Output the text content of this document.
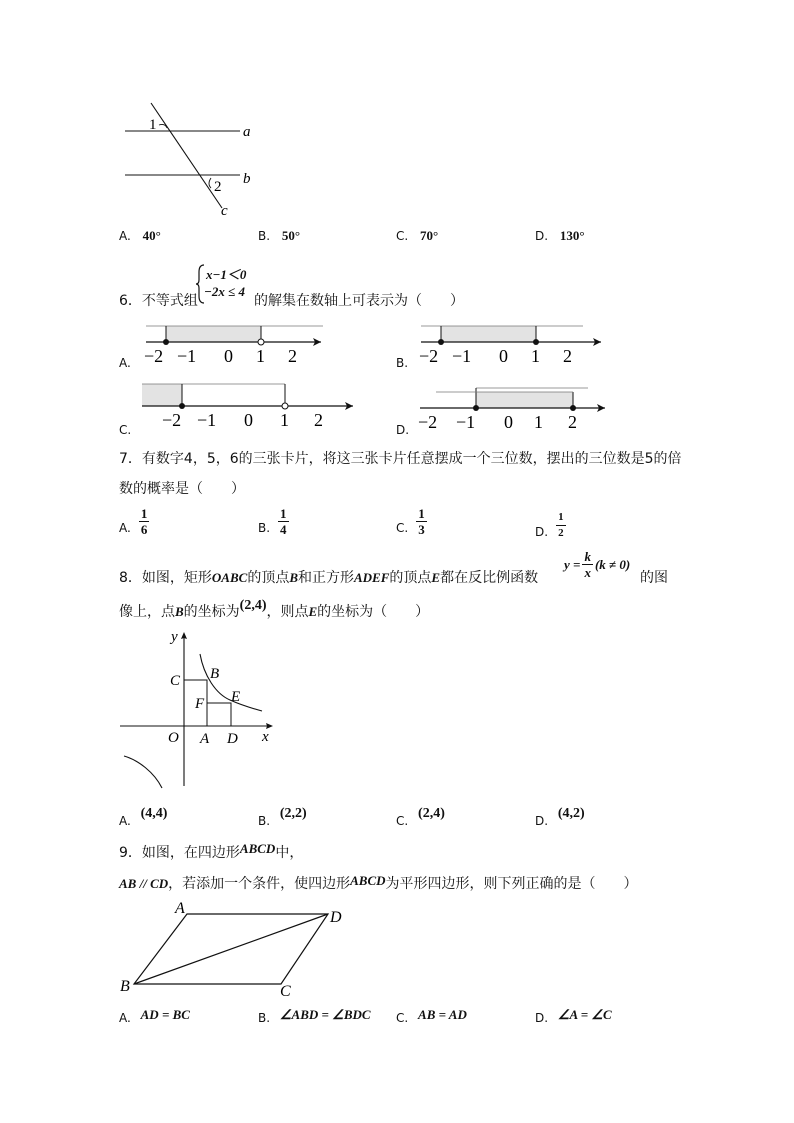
1
2
a
b
c
A. 40°	B. 50°	C. 70°	D. 130°
6．不等式组
x−1＜0
−2x ≤ 4
的解集在数轴上可表示为（　　）
A. −2 −1 0 1 2	B. −2 −1 0 1 2
C. −2 −1 0 1 2	D. −2 −1 0 1 2
7．有数字4，5，6的三张卡片，将这三张卡片任意摆成一个三位数，摆出的三位数是5的倍
数的概率是（　　）
A. $\frac{1}{6}$	B. $\frac{1}{4}$	C. $\frac{1}{3}$	D. $\frac{1}{2}$
8．如图，矩形OABC的顶点B和正方形ADEF的顶点E都在反比例函数
$y = \frac{k}{x} (k \ne 0)$
的图
像上，点B的坐标为(2,4)，则点E的坐标为（　　）
y
x
O A D
C B
F E
A. (4,4)	B. (2,2)	C. (2,4)	D. (4,2)
9．如图，在四边形ABCD中，
AB // CD，若添加一个条件，使四边形ABCD为平形四边形，则下列正确的是（　　）
A
D
B	C
A. AD = BC	B. ∠ABD = ∠BDC C. AB = AD	D. ∠A = ∠C
